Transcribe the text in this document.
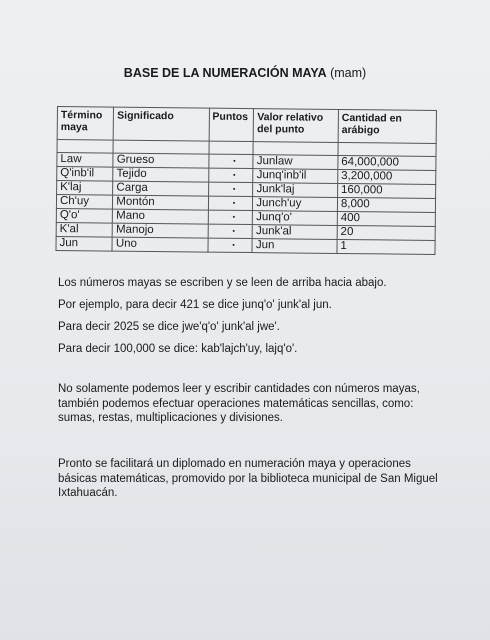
BASE DE LA NUMERACIÓN MAYA (mam)
Término maya	Significado	Puntos	Valor relativo del punto	Cantidad en arábigo

Law	Grueso		Junlaw	64,000,000
Q'inb'il	Tejido		Junq'inb'il	3,200,000
K'laj	Carga		Junk'laj	160,000
Ch'uy	Montón		Junch'uy	8,000
Q'o'	Mano		Junq'o'	400
K'al	Manojo		Junk'al	20
Jun	Uno		Jun	1
Los números mayas se escriben y se leen de arriba hacia abajo.
Por ejemplo, para decir 421 se dice junq'o' junk'al jun.
Para decir 2025 se dice jwe'q'o' junk'al jwe'.
Para decir 100,000 se dice: kab'lajch'uy, lajq'o'.
No solamente podemos leer y escribir cantidades con números mayas, también podemos efectuar operaciones matemáticas sencillas, como: sumas, restas, multiplicaciones y divisiones.
Pronto se facilitará un diplomado en numeración maya y operaciones básicas matemáticas, promovido por la biblioteca municipal de San Miguel Ixtahuacán.
